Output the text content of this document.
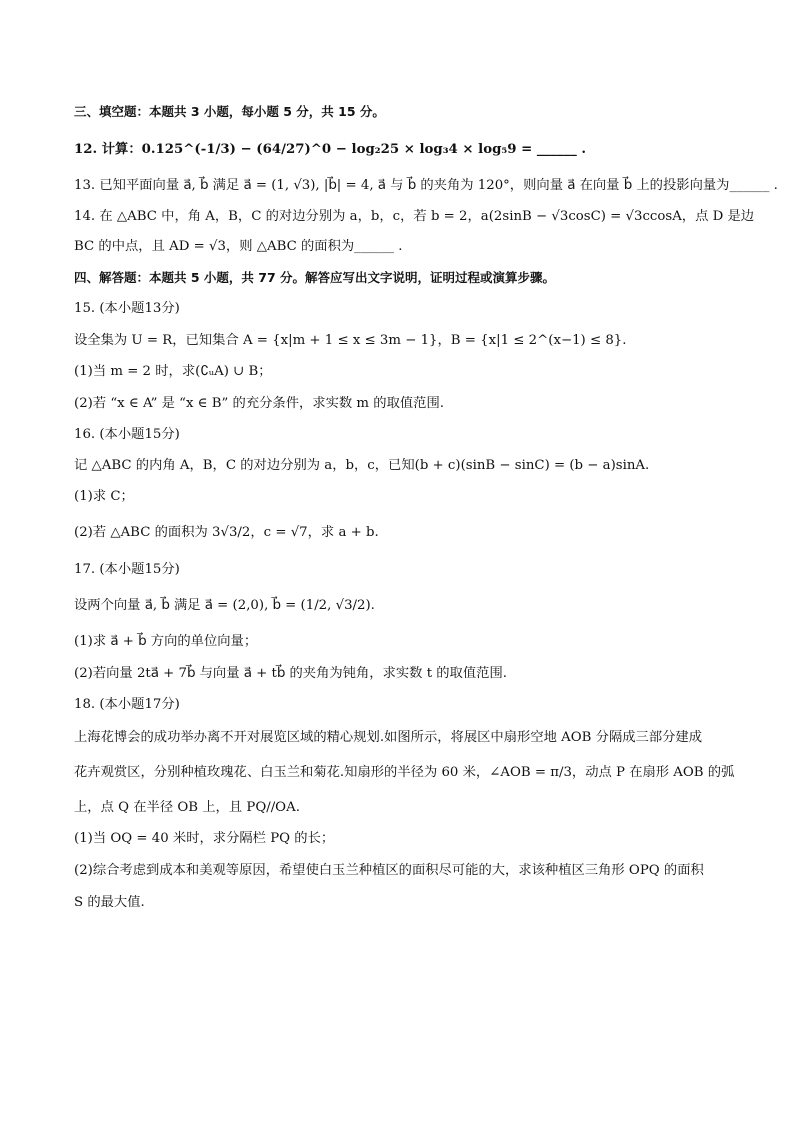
三、填空题：本题共 3 小题，每小题 5 分，共 15 分。
12. 计算：0.125^(-1/3) − (64/27)^0 − log₂25 × log₃4 × log₅9 = ______ .
13. 已知平面向量 a⃗, b⃗ 满足 a⃗ = (1, √3), |b⃗| = 4, a⃗ 与 b⃗ 的夹角为 120°，则向量 a⃗ 在向量 b⃗ 上的投影向量为______ .
14. 在 △ABC 中，角 A，B，C 的对边分别为 a，b，c，若 b = 2，a(2sinB − √3cosC) = √3ccosA，点 D 是边
BC 的中点，且 AD = √3，则 △ABC 的面积为______ .
四、解答题：本题共 5 小题，共 77 分。解答应写出文字说明，证明过程或演算步骤。
15. (本小题13分)
设全集为 U = R，已知集合 A = {x|m + 1 ≤ x ≤ 3m − 1}，B = {x|1 ≤ 2^(x−1) ≤ 8}.
(1)当 m = 2 时，求(∁ᵤA) ∪ B；
(2)若 “x ∈ A” 是 “x ∈ B” 的充分条件，求实数 m 的取值范围.
16. (本小题15分)
记 △ABC 的内角 A，B，C 的对边分别为 a，b，c，已知(b + c)(sinB − sinC) = (b − a)sinA.
(1)求 C；
(2)若 △ABC 的面积为 3√3/2，c = √7，求 a + b.
17. (本小题15分)
设两个向量 a⃗, b⃗ 满足 a⃗ = (2,0), b⃗ = (1/2, √3/2).
(1)求 a⃗ + b⃗ 方向的单位向量；
(2)若向量 2ta⃗ + 7b⃗ 与向量 a⃗ + tb⃗ 的夹角为钝角，求实数 t 的取值范围.
18. (本小题17分)
上海花博会的成功举办离不开对展览区域的精心规划.如图所示，将展区中扇形空地 AOB 分隔成三部分建成
花卉观赏区，分别种植玫瑰花、白玉兰和菊花.知扇形的半径为 60 米，∠AOB = π/3，动点 P 在扇形 AOB 的弧
上，点 Q 在半径 OB 上，且 PQ//OA.
(1)当 OQ = 40 米时，求分隔栏 PQ 的长；
(2)综合考虑到成本和美观等原因，希望使白玉兰种植区的面积尽可能的大，求该种植区三角形 OPQ 的面积
S 的最大值.
